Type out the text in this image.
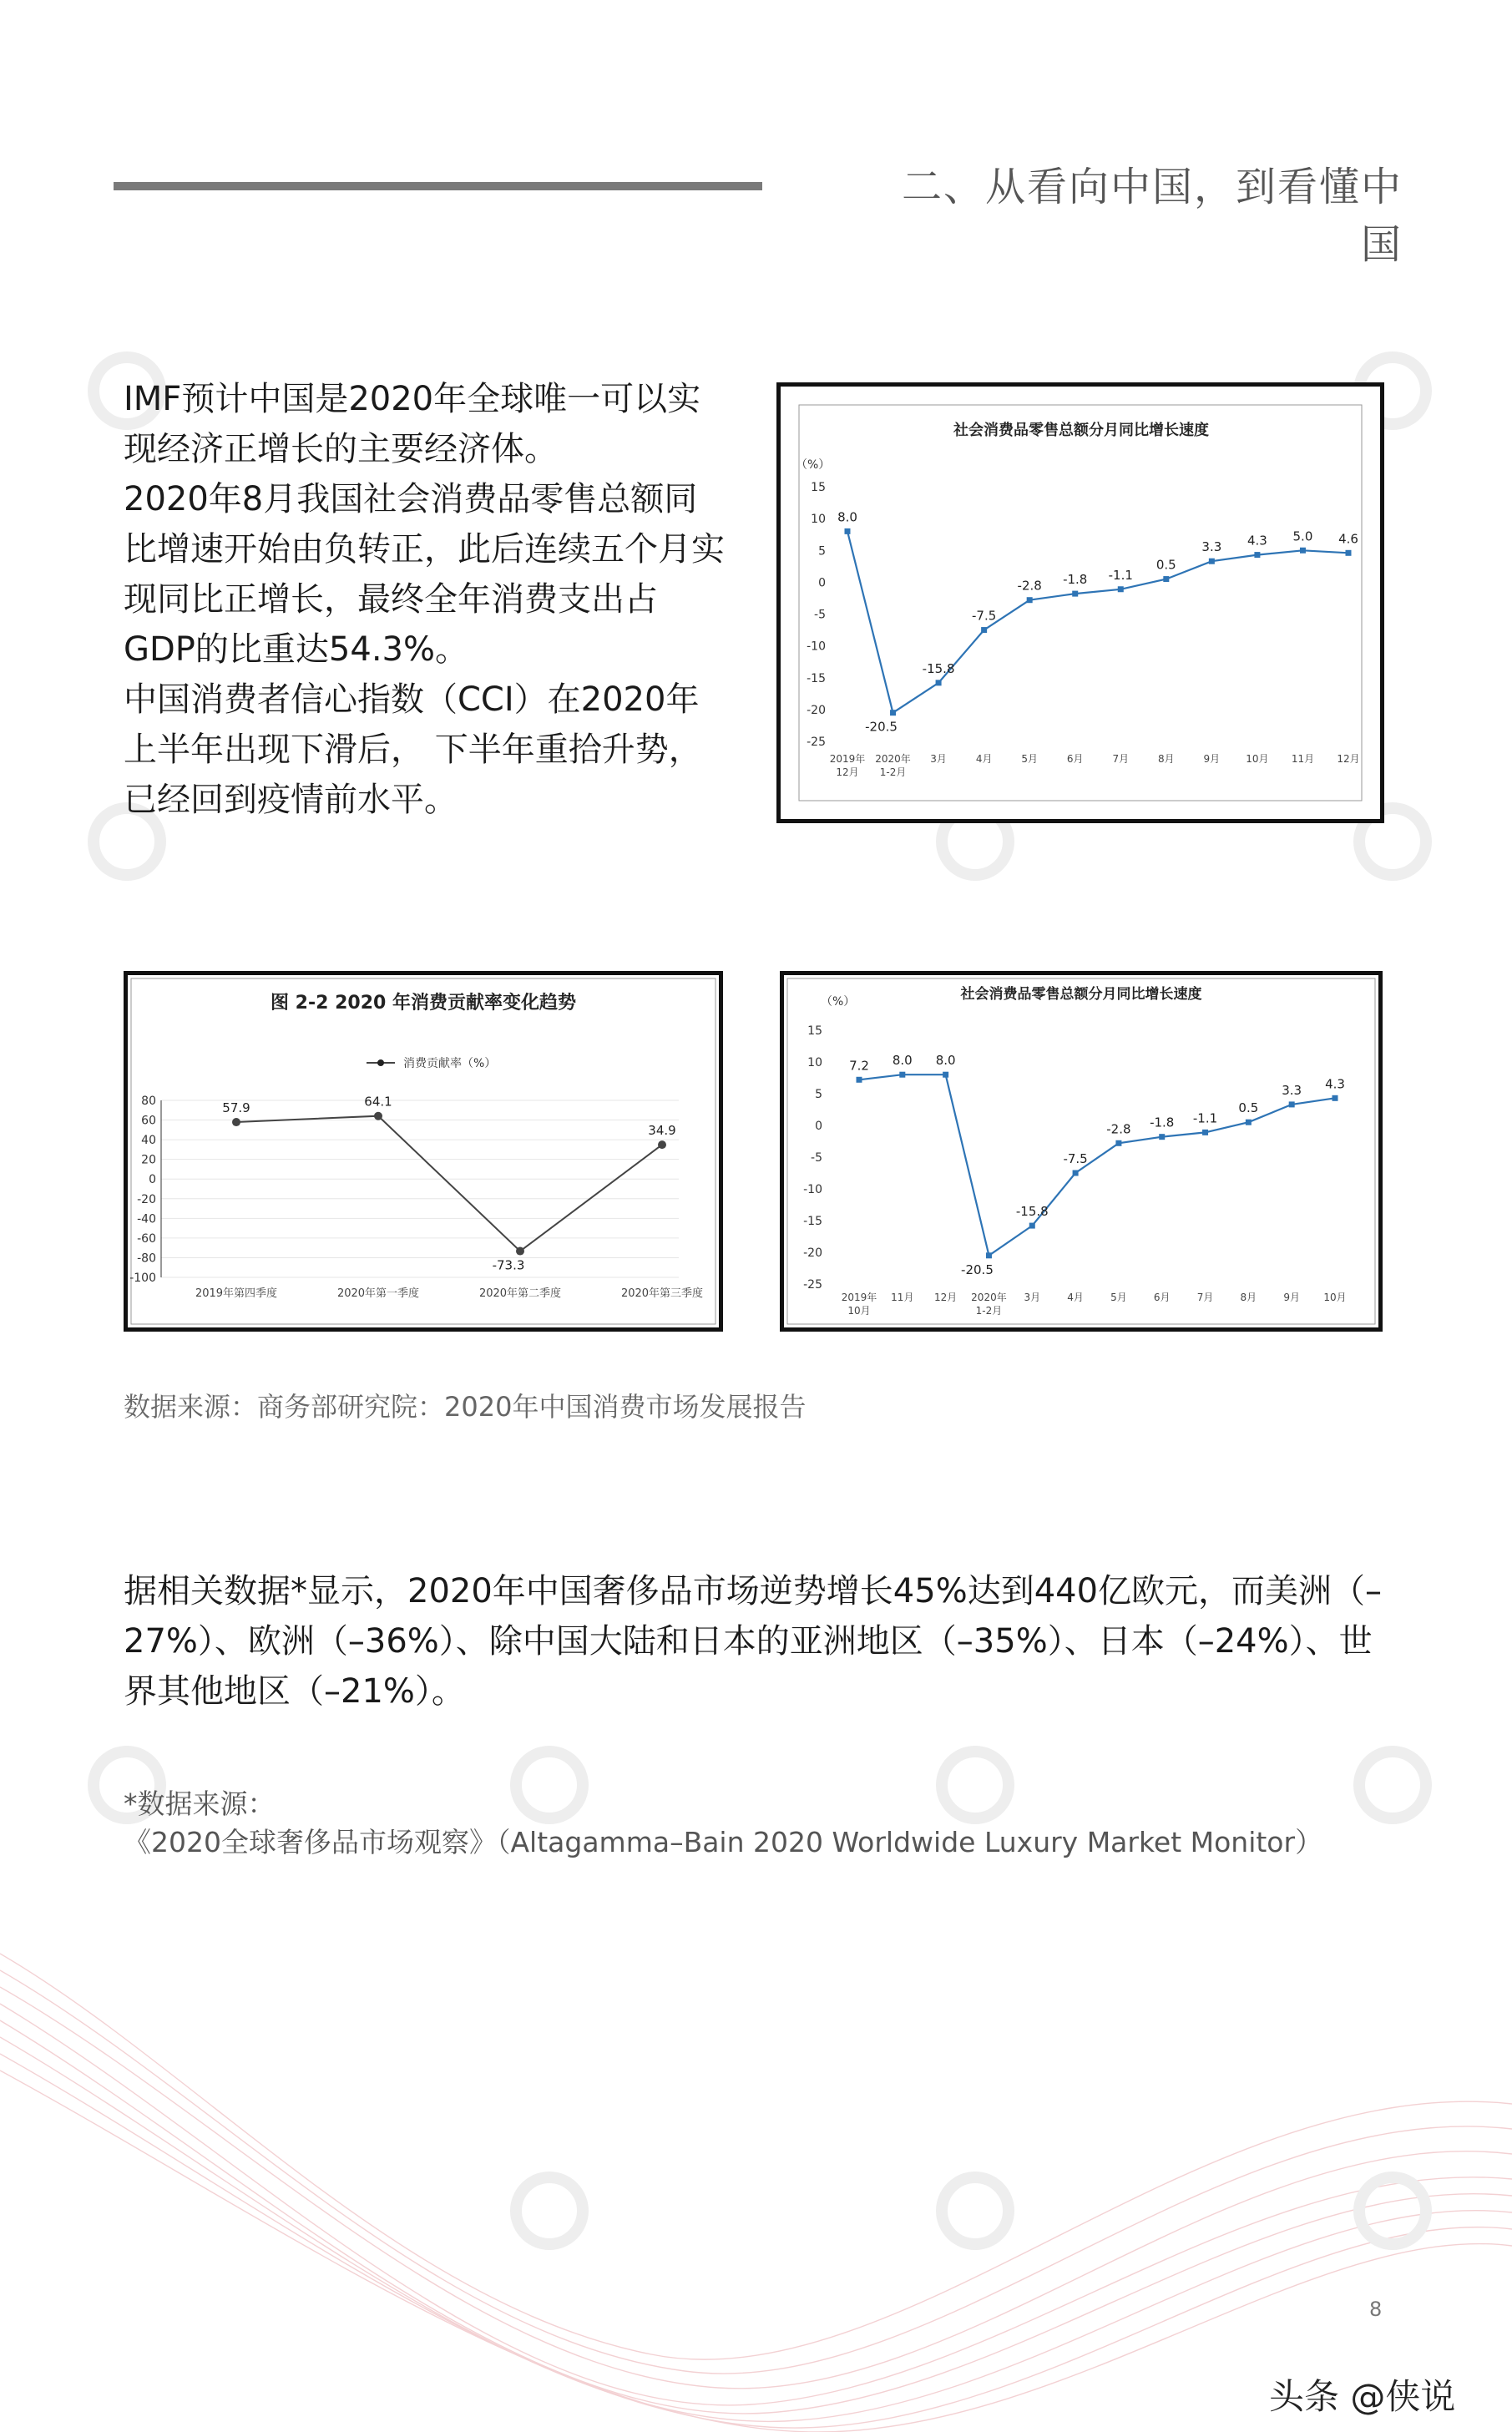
二、从看向中国，到看懂中国

IMF预计中国是2020年全球唯一可以实现经济正增长的主要经济体。

2020年8月我国社会消费品零售总额同比增速开始由负转正，此后连续五个月实现同比正增长，最终全年消费支出占GDP的比重达54.3%。

中国消费者信心指数（CCI）在2020年上半年出现下滑后， 下半年重拾升势，已经回到疫情前水平。

社会消费品零售总额分月同比增长速度
（%）
15
10
5
0
-5
-10
-15
-20
-25
8.0
-20.5
-15.8
-7.5
-2.8 -1.8 -1.1
0.5
3.3 4.3 5.0 4.6
2019年
12月
2020年
1-2月
3月	4月	5月	6月	7月	8月	9月	10月 11月 12月
图 2-2 2020 年消费贡献率变化趋势
消费贡献率（%）
80
60
40
20
0
-20
-40
-60
-80
-100
57.9	64.1
-73.3
34.9
2019年第四季度	2020年第一季度	2020年第二季度	2020年第三季度
社会消费品零售总额分月同比增长速度
（%）
15
10
5
0
-5
-10
-15
-20
-25
7.2 8.0 8.0
-20.5
-15.8
-7.5
-2.8 -1.8 -1.1
0.5
3.3 4.3
2019年
10月
11月 12月 2020年
1-2月
3月	4月	5月	6月	7月	8月	9月 10月
数据来源：商务部研究院：2020年中国消费市场发展报告
据相关数据*显示，2020年中国奢侈品市场逆势增长45%达到440亿欧元，而美洲（–27%）、欧洲（–36%）、除中国大陆和日本的亚洲地区（–35%）、日本（–24%）、世界其他地区（–21%）。
*数据来源：
《2020全球奢侈品市场观察》（Altagamma–Bain 2020 Worldwide Luxury Market Monitor）
8
头条 @侠说
